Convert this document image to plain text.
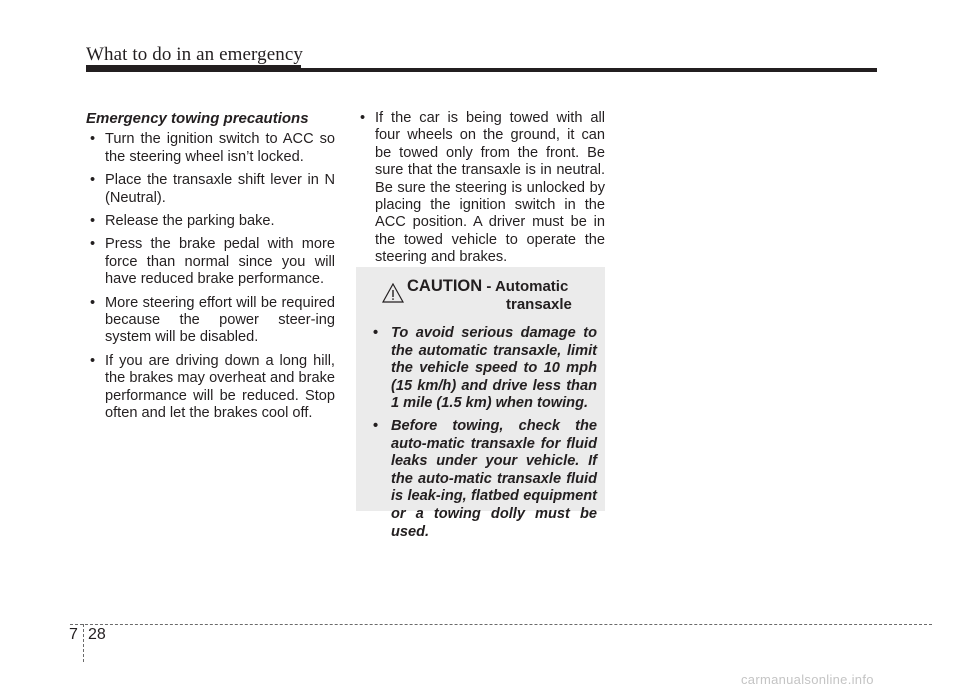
What to do in an emergency
Emergency towing precautions
• Turn the ignition switch to ACC so the steering wheel isn’t locked.
• Place the transaxle shift lever in N (Neutral).
• Release the parking bake.
• Press the brake pedal with more force than normal since you will have reduced brake performance.
• More steering effort will be required because the power steer-ing system will be disabled.
• If you are driving down a long hill, the brakes may overheat and brake performance will be reduced. Stop often and let the brakes cool off.
• If the car is being towed with all four wheels on the ground, it can be towed only from the front. Be sure that the transaxle is in neutral. Be sure the steering is unlocked by placing the ignition switch in the ACC position. A driver must be in the towed vehicle to operate the steering and brakes.
CAUTION - Automatic
transaxle
• To avoid serious damage to the automatic transaxle, limit the vehicle speed to 10 mph (15 km/h) and drive less than 1 mile (1.5 km) when towing.
• Before towing, check the auto-matic transaxle for fluid leaks under your vehicle. If the auto-matic transaxle fluid is leak-ing, flatbed equipment or a towing dolly must be used.
7 28
carmanualsonline.info
